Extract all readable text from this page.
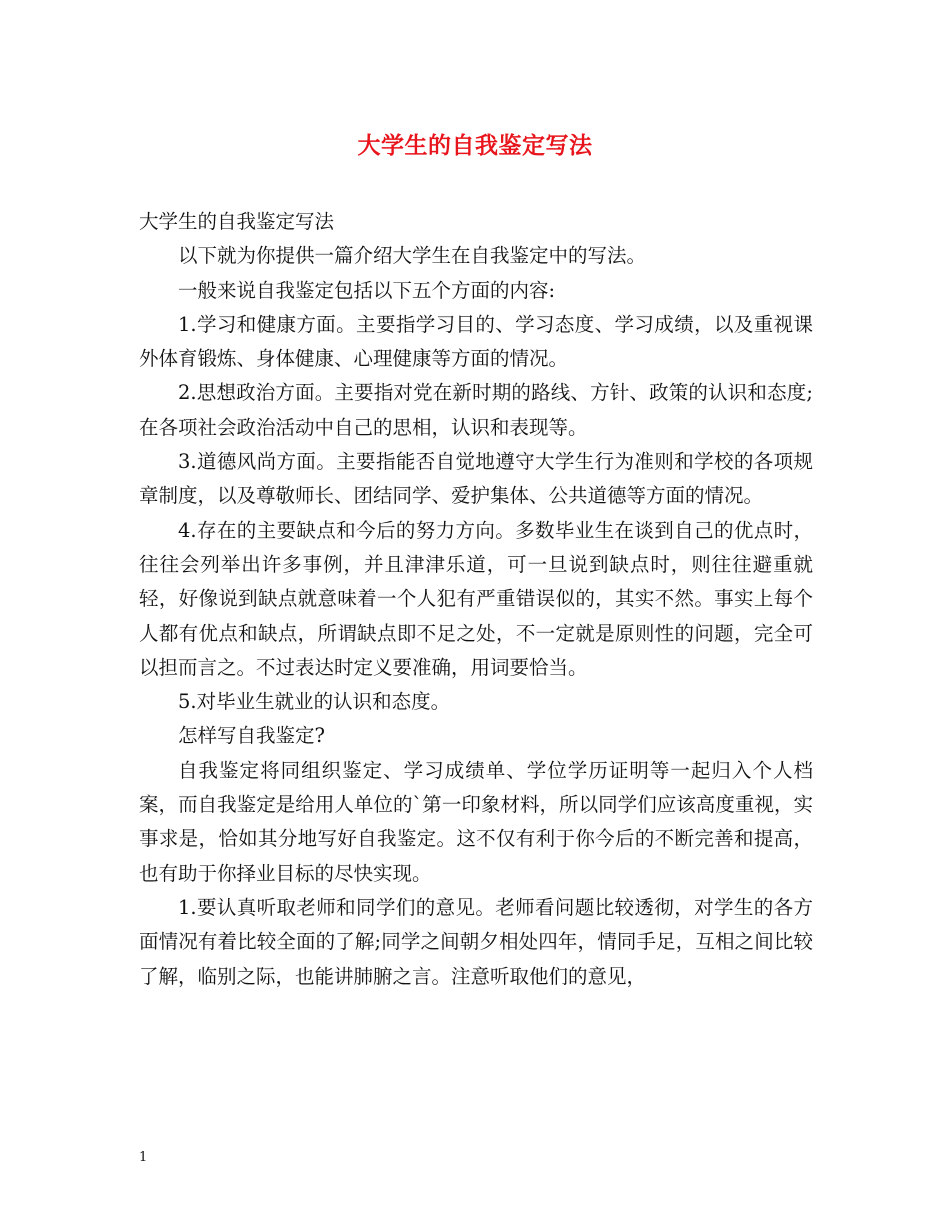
大学生的自我鉴定写法

大学生的自我鉴定写法

以下就为你提供一篇介绍大学生在自我鉴定中的写法。

一般来说自我鉴定包括以下五个方面的内容:

1.学习和健康方面。主要指学习目的、学习态度、学习成绩，以及重视课外体育锻炼、身体健康、心理健康等方面的情况。

2.思想政治方面。主要指对党在新时期的路线、方针、政策的认识和态度;在各项社会政治活动中自己的思相，认识和表现等。

3.道德风尚方面。主要指能否自觉地遵守大学生行为准则和学校的各项规章制度，以及尊敬师长、团结同学、爱护集体、公共道德等方面的情况。

4.存在的主要缺点和今后的努力方向。多数毕业生在谈到自己的优点时，往往会列举出许多事例，并且津津乐道，可一旦说到缺点时，则往往避重就轻，好像说到缺点就意味着一个人犯有严重错误似的，其实不然。事实上每个人都有优点和缺点，所谓缺点即不足之处，不一定就是原则性的问题，完全可以担而言之。不过表达时定义要准确，用词要恰当。

5.对毕业生就业的认识和态度。

怎样写自我鉴定?

自我鉴定将同组织鉴定、学习成绩单、学位学历证明等一起归入个人档案，而自我鉴定是给用人单位的`第一印象材料，所以同学们应该高度重视，实事求是，恰如其分地写好自我鉴定。这不仅有利于你今后的不断完善和提高，也有助于你择业目标的尽快实现。

1.要认真听取老师和同学们的意见。老师看问题比较透彻，对学生的各方面情况有着比较全面的了解;同学之间朝夕相处四年，情同手足，互相之间比较了解，临别之际，也能讲肺腑之言。注意听取他们的意见，

1
